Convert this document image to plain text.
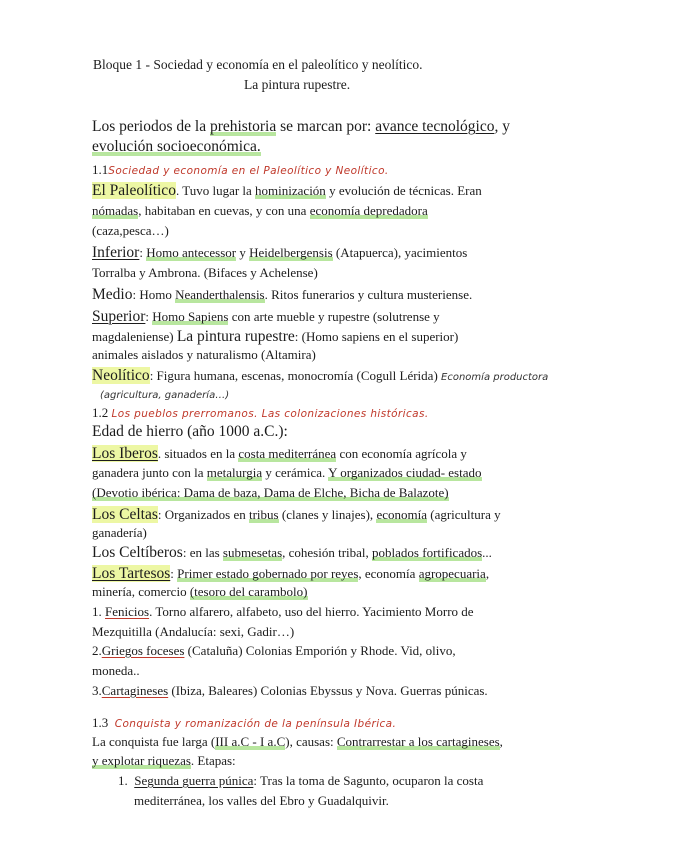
Bloque 1 - Sociedad y economía en el paleolítico y neolítico.
La pintura rupestre.
Los periodos de la prehistoria se marcan por: avance tecnológico, y
evolución socioeconómica.
1.1Sociedad y economía en el Paleolítico y Neolítico.
El Paleolítico. Tuvo lugar la hominización y evolución de técnicas. Eran
nómadas, habitaban en cuevas, y con una economía depredadora
(caza,pesca…)
Inferior: Homo antecessor y Heidelbergensis (Atapuerca), yacimientos
Torralba y Ambrona. (Bifaces y Achelense)
Medio: Homo Neanderthalensis. Ritos funerarios y cultura musteriense.
Superior: Homo Sapiens con arte mueble y rupestre (solutrense y
magdaleniense) La pintura rupestre: (Homo sapiens en el superior)
animales aislados y naturalismo (Altamira)
Neolítico: Figura humana, escenas, monocromía (Cogull Lérida) Economía productora
(agricultura, ganadería…)
1.2 Los pueblos prerromanos. Las colonizaciones históricas.
Edad de hierro (año 1000 a.C.):
Los Iberos. situados en la costa mediterránea con economía agrícola y
ganadera junto con la metalurgia y cerámica. Y organizados ciudad- estado
(Devotio ibérica: Dama de baza, Dama de Elche, Bicha de Balazote)
Los Celtas: Organizados en tribus (clanes y linajes), economía (agricultura y
ganadería)
Los Celtíberos: en las submesetas, cohesión tribal, poblados fortificados...
Los Tartesos: Primer estado gobernado por reyes, economía agropecuaria,
minería, comercio (tesoro del carambolo)
1. Fenicios. Torno alfarero, alfabeto, uso del hierro. Yacimiento Morro de
Mezquitilla (Andalucía: sexi, Gadir…)
2.Griegos foceses (Cataluña) Colonias Emporión y Rhode. Vid, olivo,
moneda..
3.Cartagineses (Ibiza, Baleares) Colonias Ebyssus y Nova. Guerras púnicas.
1.3 Conquista y romanización de la península Ibérica.
La conquista fue larga (III a.C - I a.C), causas: Contrarrestar a los cartagineses,
y explotar riquezas. Etapas:
1. Segunda guerra púnica: Tras la toma de Sagunto, ocuparon la costa
mediterránea, los valles del Ebro y Guadalquivir.
